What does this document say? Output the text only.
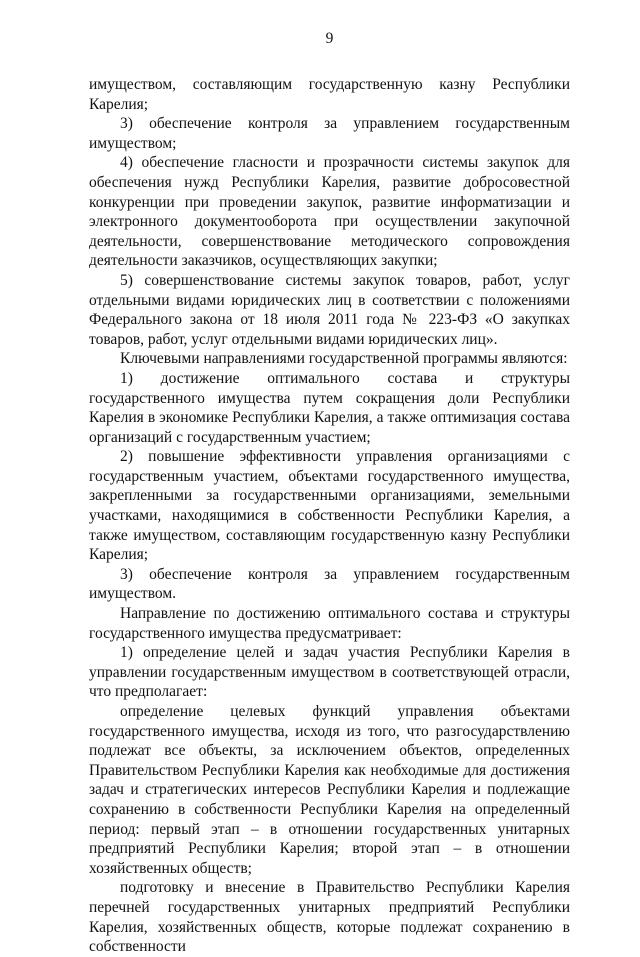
9

имуществом, составляющим государственную казну Республики Карелия;

3) обеспечение контроля за управлением государственным имуществом;

4) обеспечение гласности и прозрачности системы закупок для обеспечения нужд Республики Карелия, развитие добросовестной конкуренции при проведении закупок, развитие информатизации и электронного документооборота при осуществлении закупочной деятельности, совершенствование методического сопровождения деятельности заказчиков, осуществляющих закупки;

5) совершенствование системы закупок товаров, работ, услуг отдельными видами юридических лиц в соответствии с положениями Федерального закона от 18 июля 2011 года № 223-ФЗ «О закупках товаров, работ, услуг отдельными видами юридических лиц».

Ключевыми направлениями государственной программы являются:

1) достижение оптимального состава и структуры государственного имущества путем сокращения доли Республики Карелия в экономике Республики Карелия, а также оптимизация состава организаций с государственным участием;

2) повышение эффективности управления организациями с государственным участием, объектами государственного имущества, закрепленными за государственными организациями, земельными участками, находящимися в собственности Республики Карелия, а также имуществом, составляющим государственную казну Республики Карелия;

3) обеспечение контроля за управлением государственным имуществом.

Направление по достижению оптимального состава и структуры государственного имущества предусматривает:

1) определение целей и задач участия Республики Карелия в управлении государственным имуществом в соответствующей отрасли, что предполагает:

определение целевых функций управления объектами государственного имущества, исходя из того, что разгосударствлению подлежат все объекты, за исключением объектов, определенных Правительством Республики Карелия как необходимые для достижения задач и стратегических интересов Республики Карелия и подлежащие сохранению в собственности Республики Карелия на определенный период: первый этап – в отношении государственных унитарных предприятий Республики Карелия; второй этап – в отношении хозяйственных обществ;

подготовку и внесение в Правительство Республики Карелия перечней государственных унитарных предприятий Республики Карелия, хозяйственных обществ, которые подлежат сохранению в собственности
